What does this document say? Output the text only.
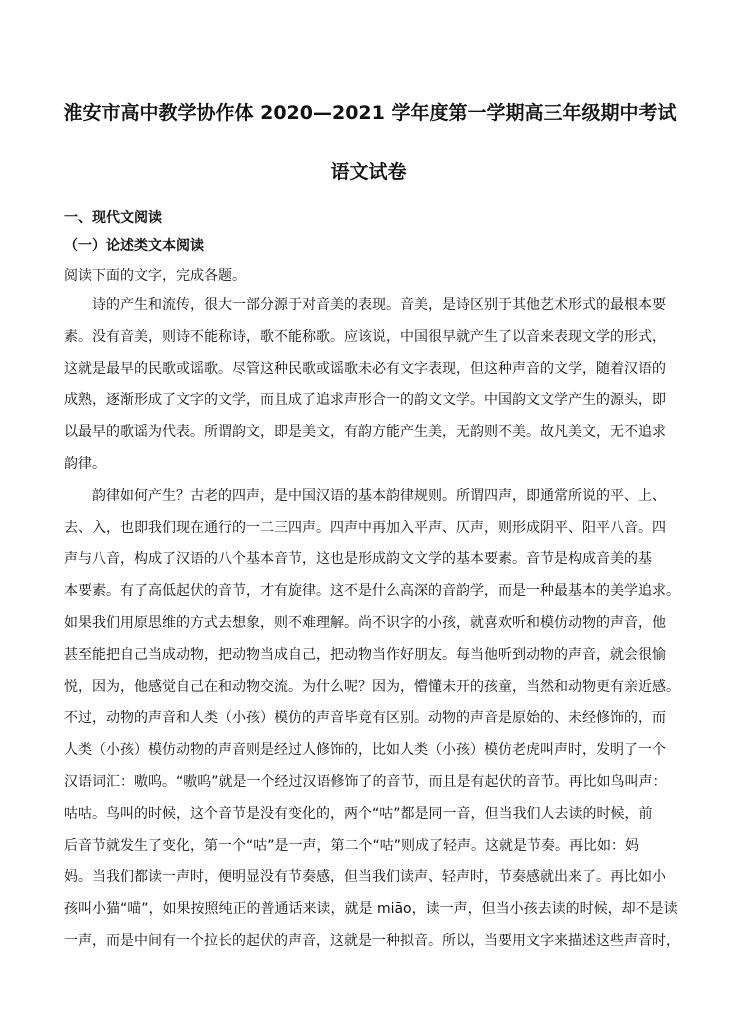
淮安市高中教学协作体 2020—2021 学年度第一学期高三年级期中考试
语文试卷
一、现代文阅读
（一）论述类文本阅读
阅读下面的文字，完成各题。
诗的产生和流传，很大一部分源于对音美的表现。音美，是诗区别于其他艺术形式的最根本要
素。没有音美，则诗不能称诗，歌不能称歌。应该说，中国很早就产生了以音来表现文学的形式，
这就是最早的民歌或谣歌。尽管这种民歌或谣歌未必有文字表现，但这种声音的文学，随着汉语的
成熟，逐渐形成了文字的文学，而且成了追求声形合一的韵文文学。中国韵文文学产生的源头，即
以最早的歌谣为代表。所谓韵文，即是美文，有韵方能产生美，无韵则不美。故凡美文，无不追求
韵律。
韵律如何产生？古老的四声，是中国汉语的基本韵律规则。所谓四声，即通常所说的平、上、
去、入，也即我们现在通行的一二三四声。四声中再加入平声、仄声，则形成阴平、阳平八音。四
声与八音，构成了汉语的八个基本音节，这也是形成韵文文学的基本要素。音节是构成音美的基
本要素。有了高低起伏的音节，才有旋律。这不是什么高深的音韵学，而是一种最基本的美学追求。
如果我们用原思维的方式去想象，则不难理解。尚不识字的小孩，就喜欢听和模仿动物的声音，他
甚至能把自己当成动物，把动物当成自己，把动物当作好朋友。每当他听到动物的声音，就会很愉
悦，因为，他感觉自己在和动物交流。为什么呢？因为，懵懂未开的孩童，当然和动物更有亲近感。
不过，动物的声音和人类（小孩）模仿的声音毕竟有区别。动物的声音是原始的、未经修饰的，而
人类（小孩）模仿动物的声音则是经过人修饰的，比如人类（小孩）模仿老虎叫声时，发明了一个
汉语词汇：嗷呜。“嗷呜”就是一个经过汉语修饰了的音节，而且是有起伏的音节。再比如鸟叫声：
咕咕。鸟叫的时候，这个音节是没有变化的，两个“咕”都是同一音，但当我们人去读的时候，前
后音节就发生了变化，第一个“咕”是一声，第二个“咕”则成了轻声。这就是节奏。再比如：妈
妈。当我们都读一声时，便明显没有节奏感，但当我们读声、轻声时，节奏感就出来了。再比如小
孩叫小猫“喵”，如果按照纯正的普通话来读，就是 miāo，读一声，但当小孩去读的时候，却不是读
一声，而是中间有一个拉长的起伏的声音，这就是一种拟音。所以，当要用文字来描述这些声音时，
